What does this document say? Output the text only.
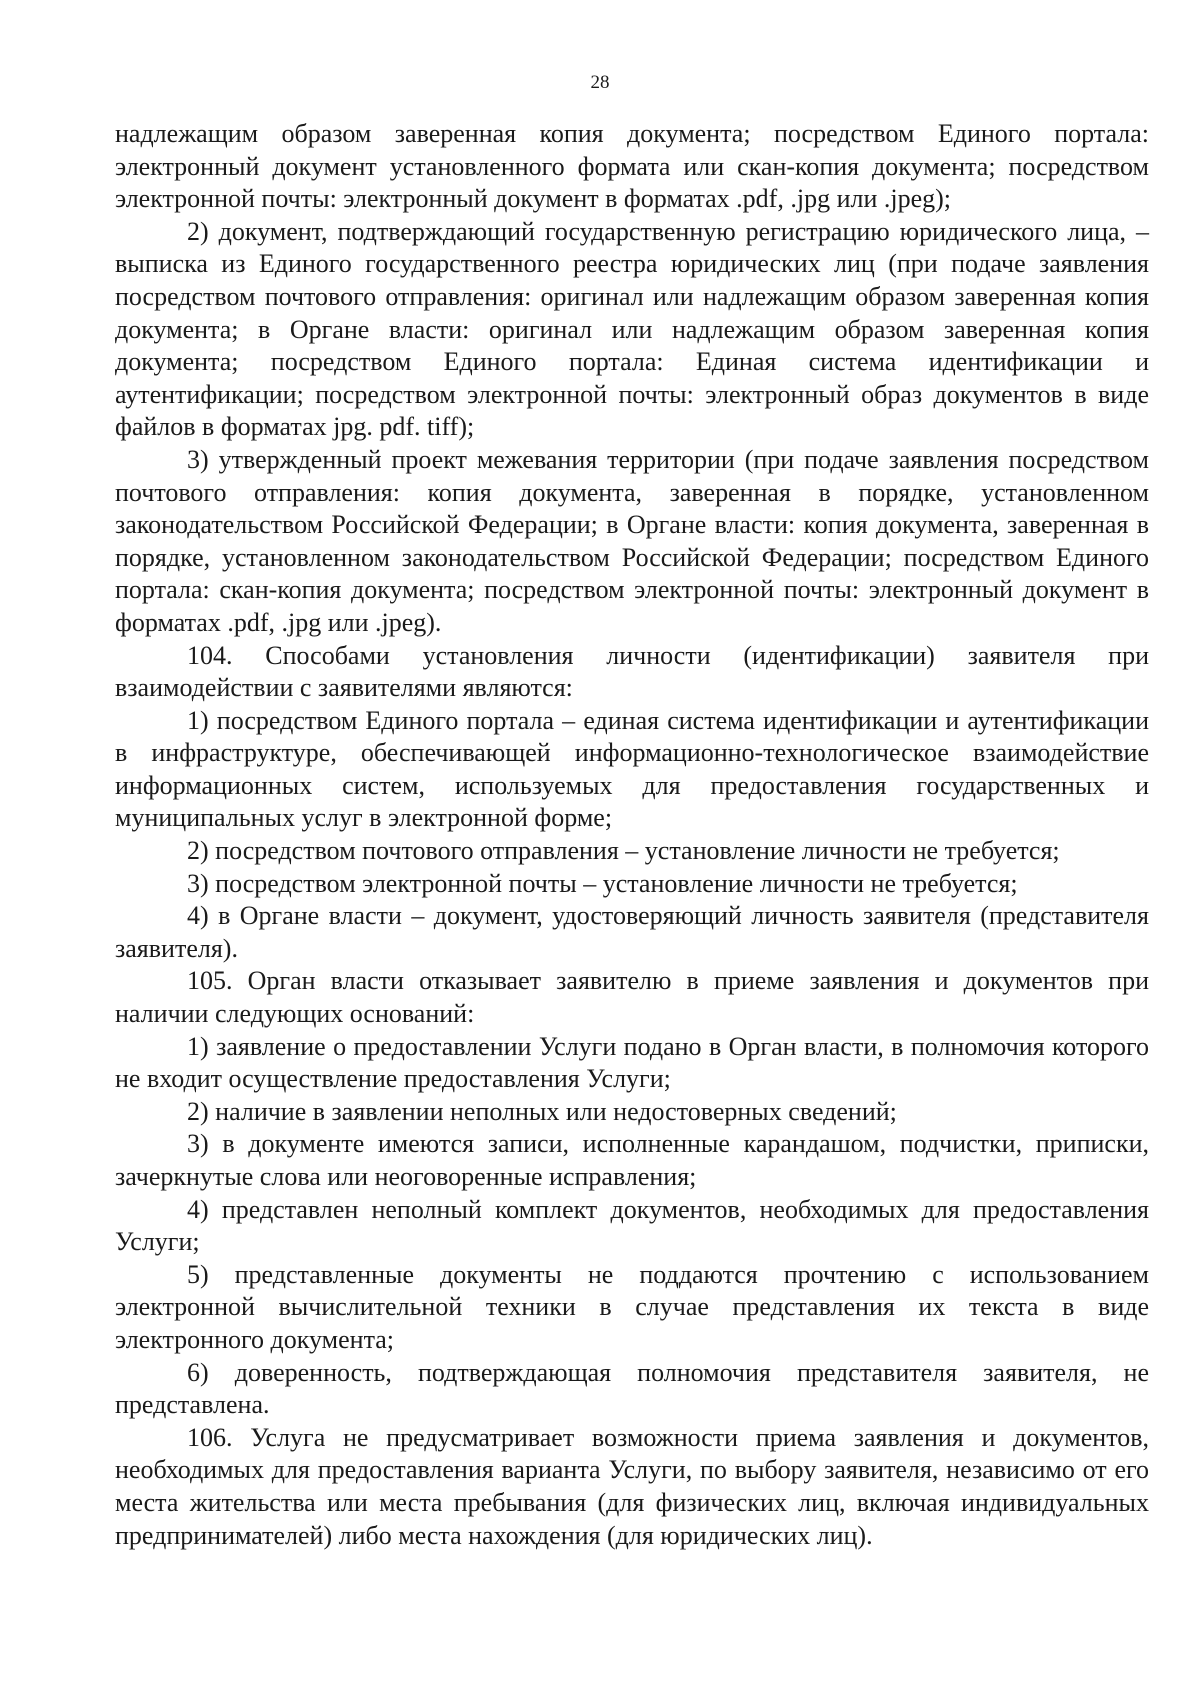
28

надлежащим образом заверенная копия документа; посредством Единого портала: электронный документ установленного формата или скан-копия документа; посредством электронной почты: электронный документ в форматах .pdf, .jpg или .jpeg);

2) документ, подтверждающий государственную регистрацию юридического лица, – выписка из Единого государственного реестра юридических лиц (при подаче заявления посредством почтового отправления: оригинал или надлежащим образом заверенная копия документа; в Органе власти: оригинал или надлежащим образом заверенная копия документа; посредством Единого портала: Единая система идентификации и аутентификации; посредством электронной почты: электронный образ документов в виде файлов в форматах jpg. pdf. tiff);

3) утвержденный проект межевания территории (при подаче заявления посредством почтового отправления: копия документа, заверенная в порядке, установленном законодательством Российской Федерации; в Органе власти: копия документа, заверенная в порядке, установленном законодательством Российской Федерации; посредством Единого портала: скан-копия документа; посредством электронной почты: электронный документ в форматах .pdf, .jpg или .jpeg).

104. Способами установления личности (идентификации) заявителя при взаимодействии с заявителями являются:

1) посредством Единого портала – единая система идентификации и аутентификации в инфраструктуре, обеспечивающей информационно-технологическое взаимодействие информационных систем, используемых для предоставления государственных и муниципальных услуг в электронной форме;

2) посредством почтового отправления – установление личности не требуется;

3) посредством электронной почты – установление личности не требуется;

4) в Органе власти – документ, удостоверяющий личность заявителя (представителя заявителя).

105. Орган власти отказывает заявителю в приеме заявления и документов при наличии следующих оснований:

1) заявление о предоставлении Услуги подано в Орган власти, в полномочия которого не входит осуществление предоставления Услуги;

2) наличие в заявлении неполных или недостоверных сведений;

3) в документе имеются записи, исполненные карандашом, подчистки, приписки, зачеркнутые слова или неоговоренные исправления;

4) представлен неполный комплект документов, необходимых для предоставления Услуги;

5) представленные документы не поддаются прочтению с использованием электронной вычислительной техники в случае представления их текста в виде электронного документа;

6) доверенность, подтверждающая полномочия представителя заявителя, не представлена.

106. Услуга не предусматривает возможности приема заявления и документов, необходимых для предоставления варианта Услуги, по выбору заявителя, независимо от его места жительства или места пребывания (для физических лиц, включая индивидуальных предпринимателей) либо места нахождения (для юридических лиц).
